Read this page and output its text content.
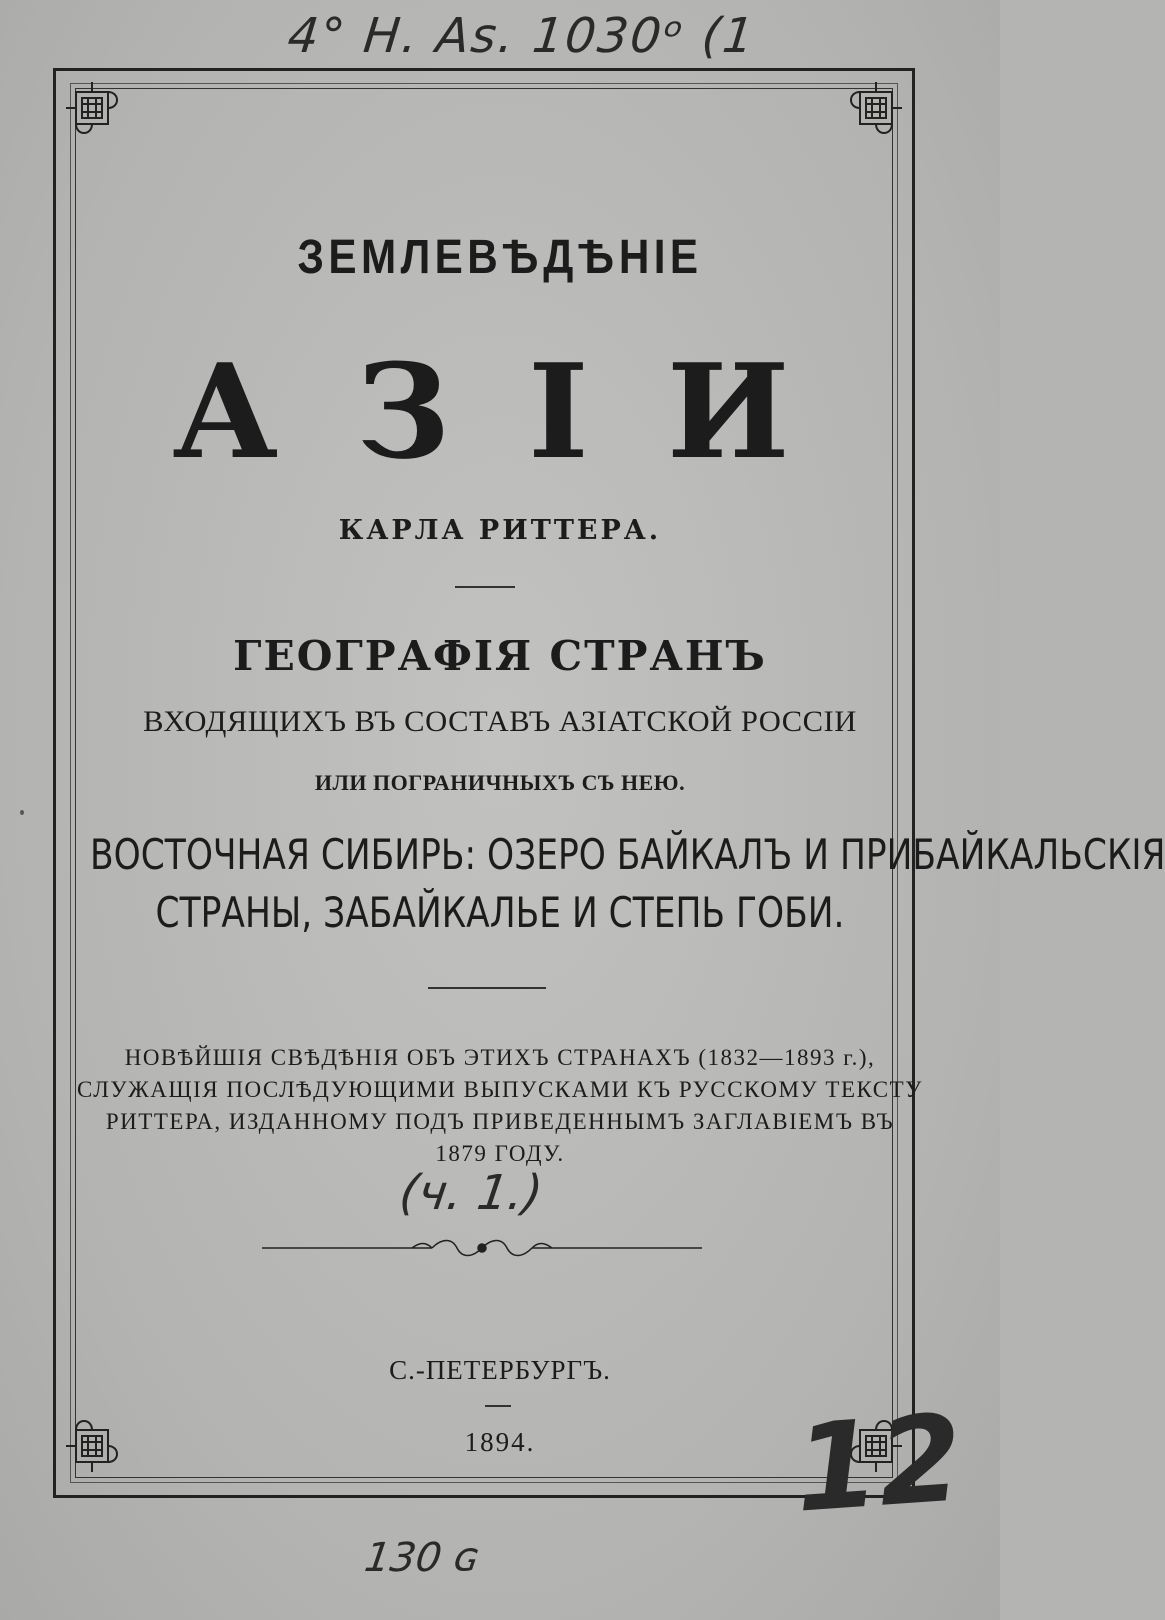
4° H. As. 1030ᵒ (1
ЗЕМЛЕВѢДѢНІЕ
АЗІИ
КАРЛА РИТТЕРА.
ГЕОГРАФІЯ СТРАНЪ
ВХОДЯЩИХЪ ВЪ СОСТАВЪ АЗІАТСКОЙ РОССІИ
ИЛИ ПОГРАНИЧНЫХЪ СЪ НЕЮ.
ВОСТОЧНАЯ СИБИРЬ: ОЗЕРО БАЙКАЛЪ И ПРИБАЙКАЛЬСКІЯ
СТРАНЫ, ЗАБАЙКАЛЬЕ И СТЕПЬ ГОБИ.
НОВѢЙШІЯ СВѢДѢНІЯ ОБЪ ЭТИХЪ СТРАНАХЪ (1832—1893 г.),
СЛУЖАЩІЯ ПОСЛѢДУЮЩИМИ ВЫПУСКАМИ КЪ РУССКОМУ ТЕКСТУ
РИТТЕРА, ИЗДАННОМУ ПОДЪ ПРИВЕДЕННЫМЪ ЗАГЛАВІЕМЪ ВЪ
1879 ГОДУ.
(ч. 1.)
С.-ПЕТЕРБУРГЪ.
1894.	12
130 ɢ
